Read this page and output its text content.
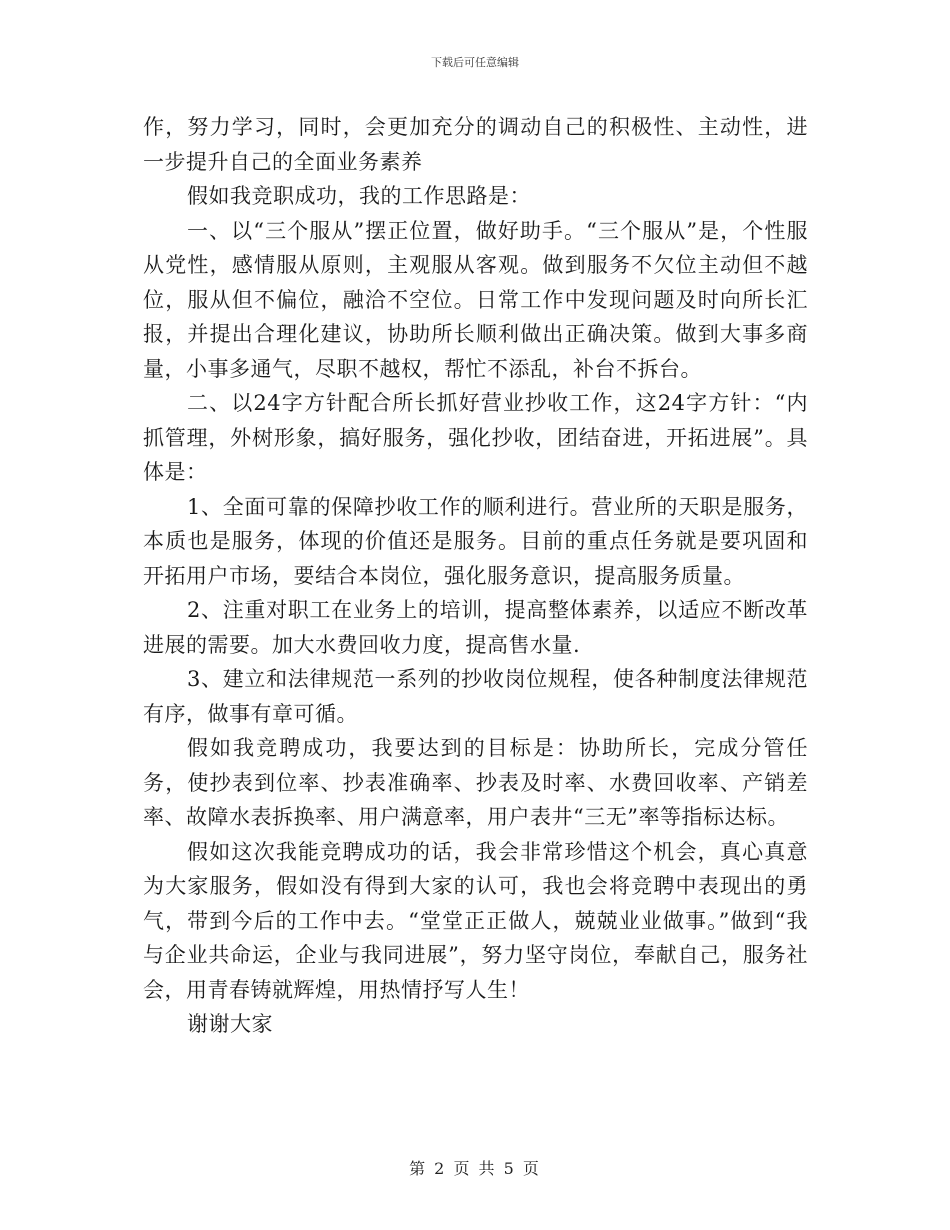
下载后可任意编辑

作，努力学习，同时，会更加充分的调动自己的积极性、主动性，进一步提升自己的全面业务素养

假如我竞职成功，我的工作思路是：

一、以“三个服从”摆正位置，做好助手。“三个服从”是，个性服从党性，感情服从原则，主观服从客观。做到服务不欠位主动但不越位，服从但不偏位，融洽不空位。日常工作中发现问题及时向所长汇报，并提出合理化建议，协助所长顺利做出正确决策。做到大事多商量，小事多通气，尽职不越权，帮忙不添乱，补台不拆台。

二、以24字方针配合所长抓好营业抄收工作，这24字方针：“内抓管理，外树形象，搞好服务，强化抄收，团结奋进，开拓进展”。具体是：

1、全面可靠的保障抄收工作的顺利进行。营业所的天职是服务，本质也是服务，体现的价值还是服务。目前的重点任务就是要巩固和开拓用户市场，要结合本岗位，强化服务意识，提高服务质量。

2、注重对职工在业务上的培训，提高整体素养，以适应不断改革进展的需要。加大水费回收力度，提高售水量.

3、建立和法律规范一系列的抄收岗位规程，使各种制度法律规范有序，做事有章可循。

假如我竞聘成功，我要达到的目标是：协助所长，完成分管任务，使抄表到位率、抄表准确率、抄表及时率、水费回收率、产销差率、故障水表拆换率、用户满意率，用户表井“三无”率等指标达标。

假如这次我能竞聘成功的话，我会非常珍惜这个机会，真心真意为大家服务，假如没有得到大家的认可，我也会将竞聘中表现出的勇气，带到今后的工作中去。“堂堂正正做人，兢兢业业做事。”做到“我与企业共命运，企业与我同进展”，努力坚守岗位，奉献自己，服务社会，用青春铸就辉煌，用热情抒写人生！

谢谢大家

第 2 页 共 5 页
